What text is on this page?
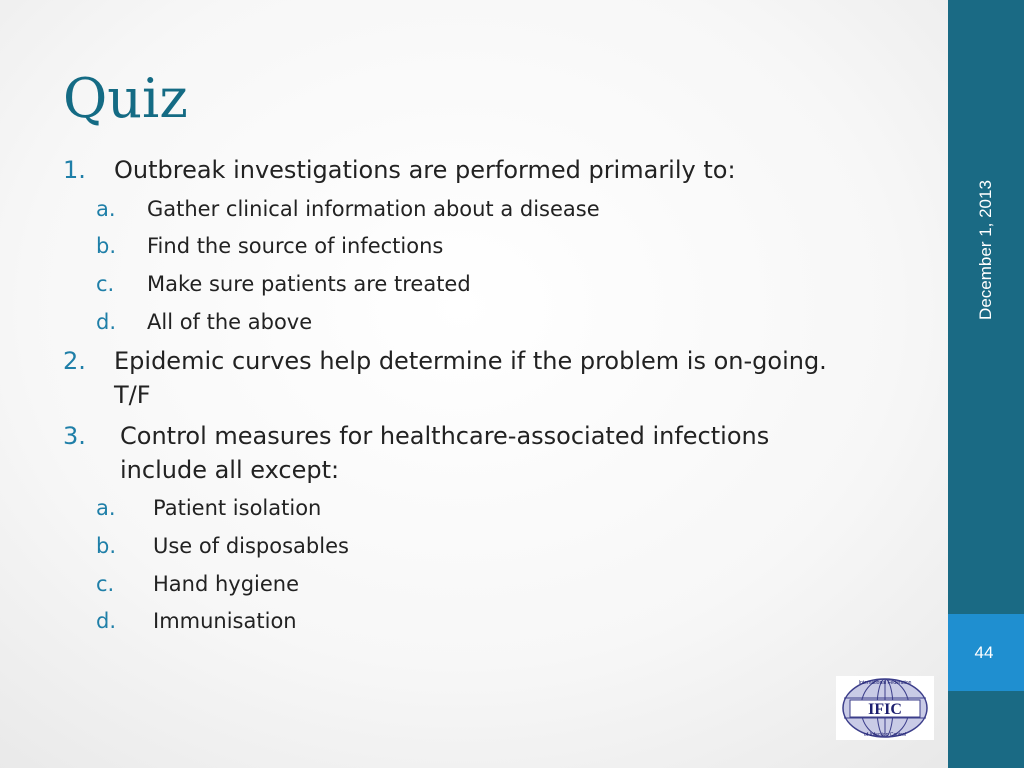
Quiz
1. Outbreak investigations are performed primarily to:
a. Gather clinical information about a disease
b. Find the source of infections
c. Make sure patients are treated
d. All of the above
2. Epidemic curves help determine if the problem is on-going.
T/F
3. Control measures for healthcare-associated infections
include all except:
a. Patient isolation
b. Use of disposables
c. Hand hygiene
d. Immunisation
December 1, 2013
44
IFIC
International Federation
of Infection Control
